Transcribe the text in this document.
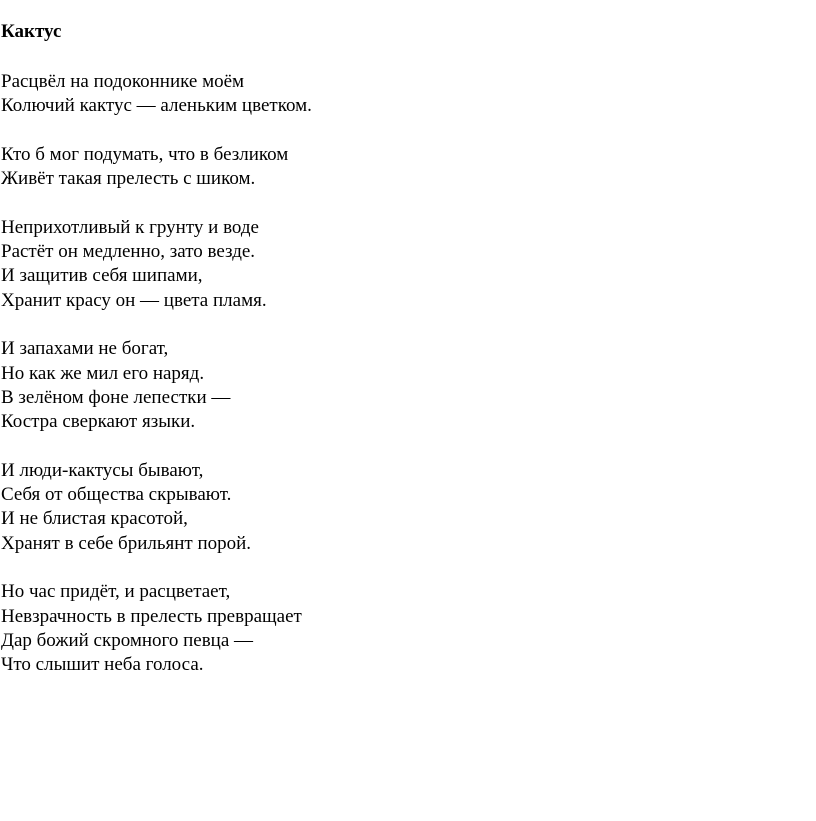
Кактус
Расцвёл на подоконнике моём
Колючий кактус — аленьким цветком.
Кто б мог подумать, что в безликом
Живёт такая прелесть с шиком.
Неприхотливый к грунту и воде
Растёт он медленно, зато везде.
И защитив себя шипами,
Хранит красу он — цвета пламя.
И запахами не богат,
Но как же мил его наряд.
В зелёном фоне лепестки —
Костра сверкают языки.
И люди-кактусы бывают,
Себя от общества скрывают.
И не блистая красотой,
Хранят в себе брильянт порой.
Но час придёт, и расцветает,
Невзрачность в прелесть превращает
Дар божий скромного певца —
Что слышит неба голоса.
